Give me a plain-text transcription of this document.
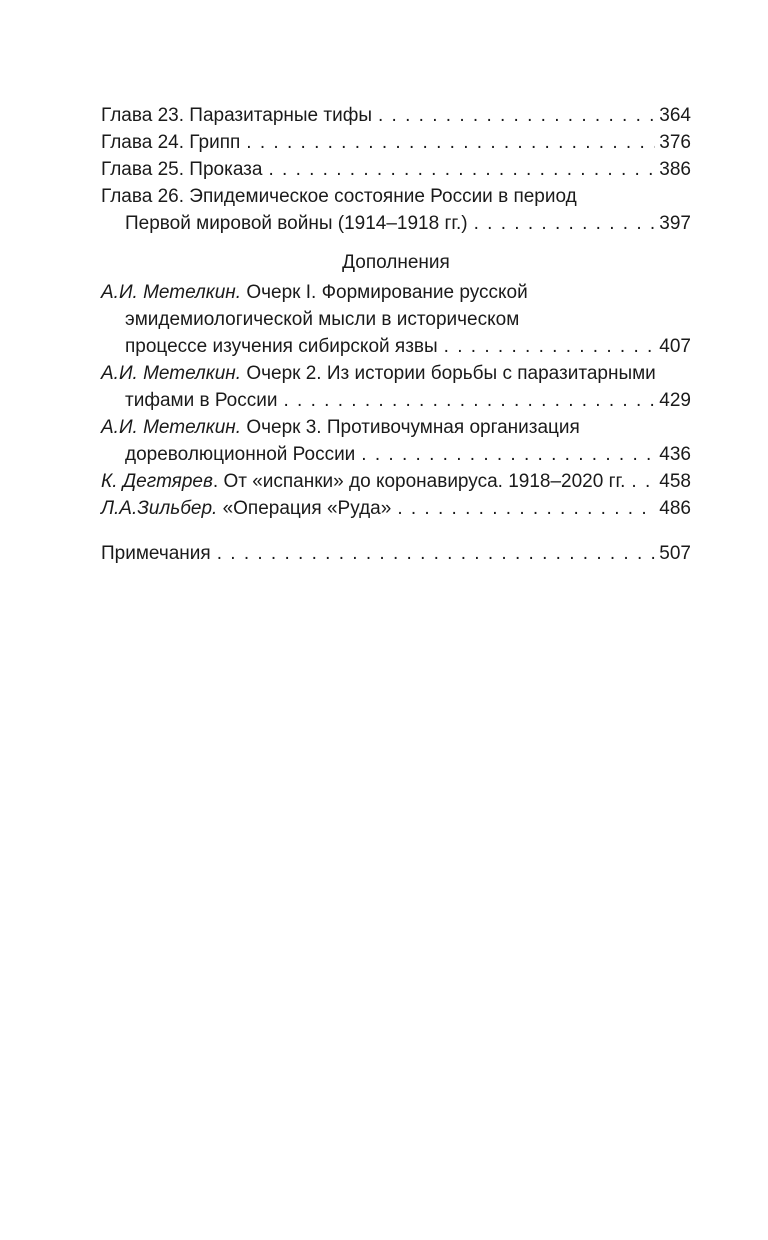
Глава 23. Паразитарные тифы . . .	364
Глава 24. Грипп . . .	376
Глава 25. Проказа . . .	386
Глава 26. Эпидемическое состояние России в период
Первой мировой войны (1914–1918 гг.) . . .	397
Дополнения
А.И. Метелкин. Очерк I. Формирование русской
эмидемиологической мысли в историческом
процессе изучения сибирской язвы . . .	407
А.И. Метелкин. Очерк 2. Из истории борьбы с паразитарными
тифами в России . . .	429
А.И. Метелкин. Очерк 3. Противочумная организация
дореволюционной России . . .	436
К. Дегтярев. От «испанки» до коронавируса. 1918–2020 гг. . . . 458
Л.А.Зильбер. «Операция «Руда» . . .	486
Примечания . . .	507
